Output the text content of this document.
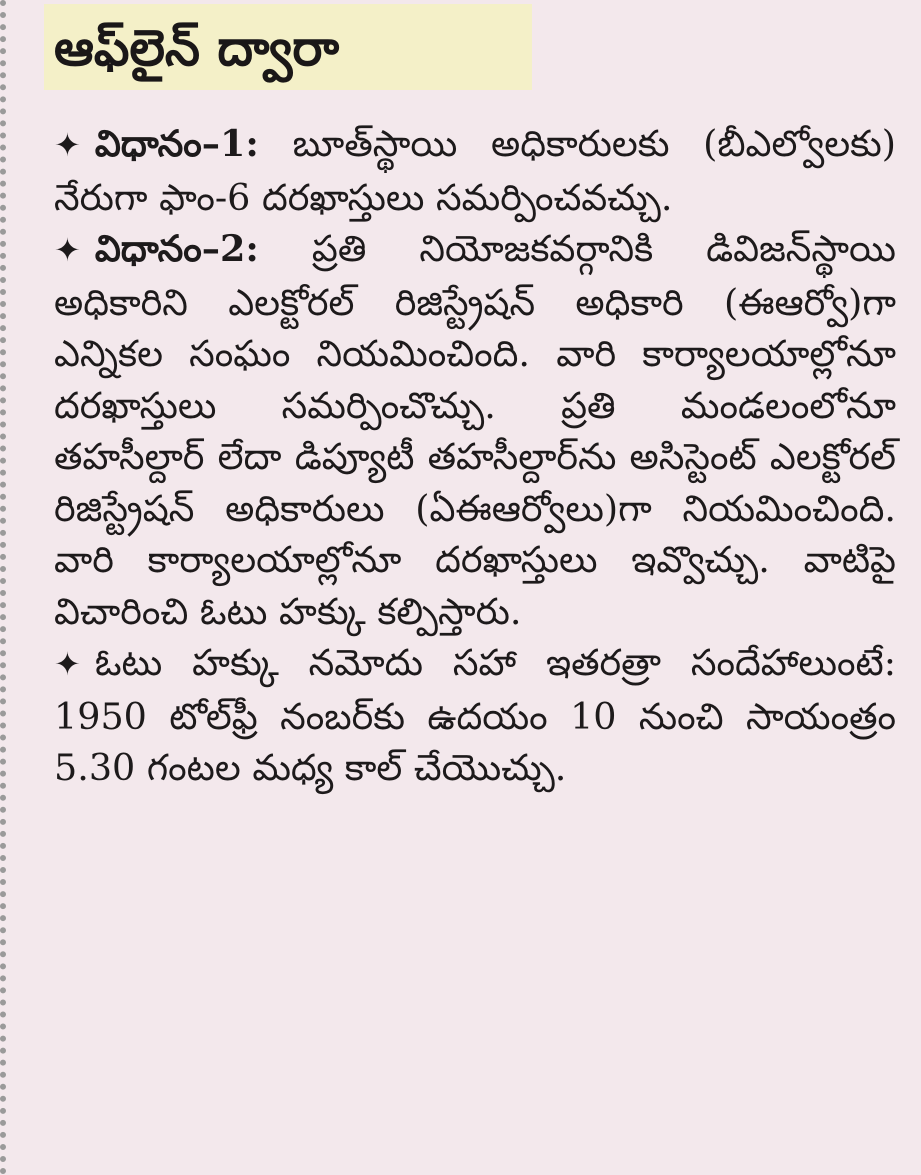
ఆఫ్‌లైన్‌ ద్వారా

✦ విధానం–1: బూత్‌స్థాయి అధికారులకు (బీఎల్వోలకు) నేరుగా ఫాం-6 దరఖాస్తులు సమర్పించవచ్చు.

✦ విధానం–2: ప్రతి నియోజకవర్గానికి డివిజన్‌స్థాయి అధికారిని ఎలక్టోరల్‌ రిజిస్ట్రేషన్‌ అధికారి (ఈఆర్వో)గా ఎన్నికల సంఘం నియమించింది. వారి కార్యాలయాల్లోనూ దరఖాస్తులు సమర్పించొచ్చు. ప్రతి మండలంలోనూ తహసీల్దార్‌ లేదా డిప్యూటీ తహసీల్దార్‌ను అసిస్టెంట్‌ ఎలక్టోరల్‌ రిజిస్ట్రేషన్‌ అధికారులు (ఏఈఆర్వోలు)గా నియమించింది. వారి కార్యాలయాల్లోనూ దరఖాస్తులు ఇవ్వొచ్చు. వాటిపై విచారించి ఓటు హక్కు కల్పిస్తారు.

✦ ఓటు హక్కు నమోదు సహా ఇతరత్రా సందేహాలుంటే: 1950 టోల్‌ఫ్రీ నంబర్‌కు ఉదయం 10 నుంచి సాయంత్రం 5.30 గంటల మధ్య కాల్‌ చేయొచ్చు.
